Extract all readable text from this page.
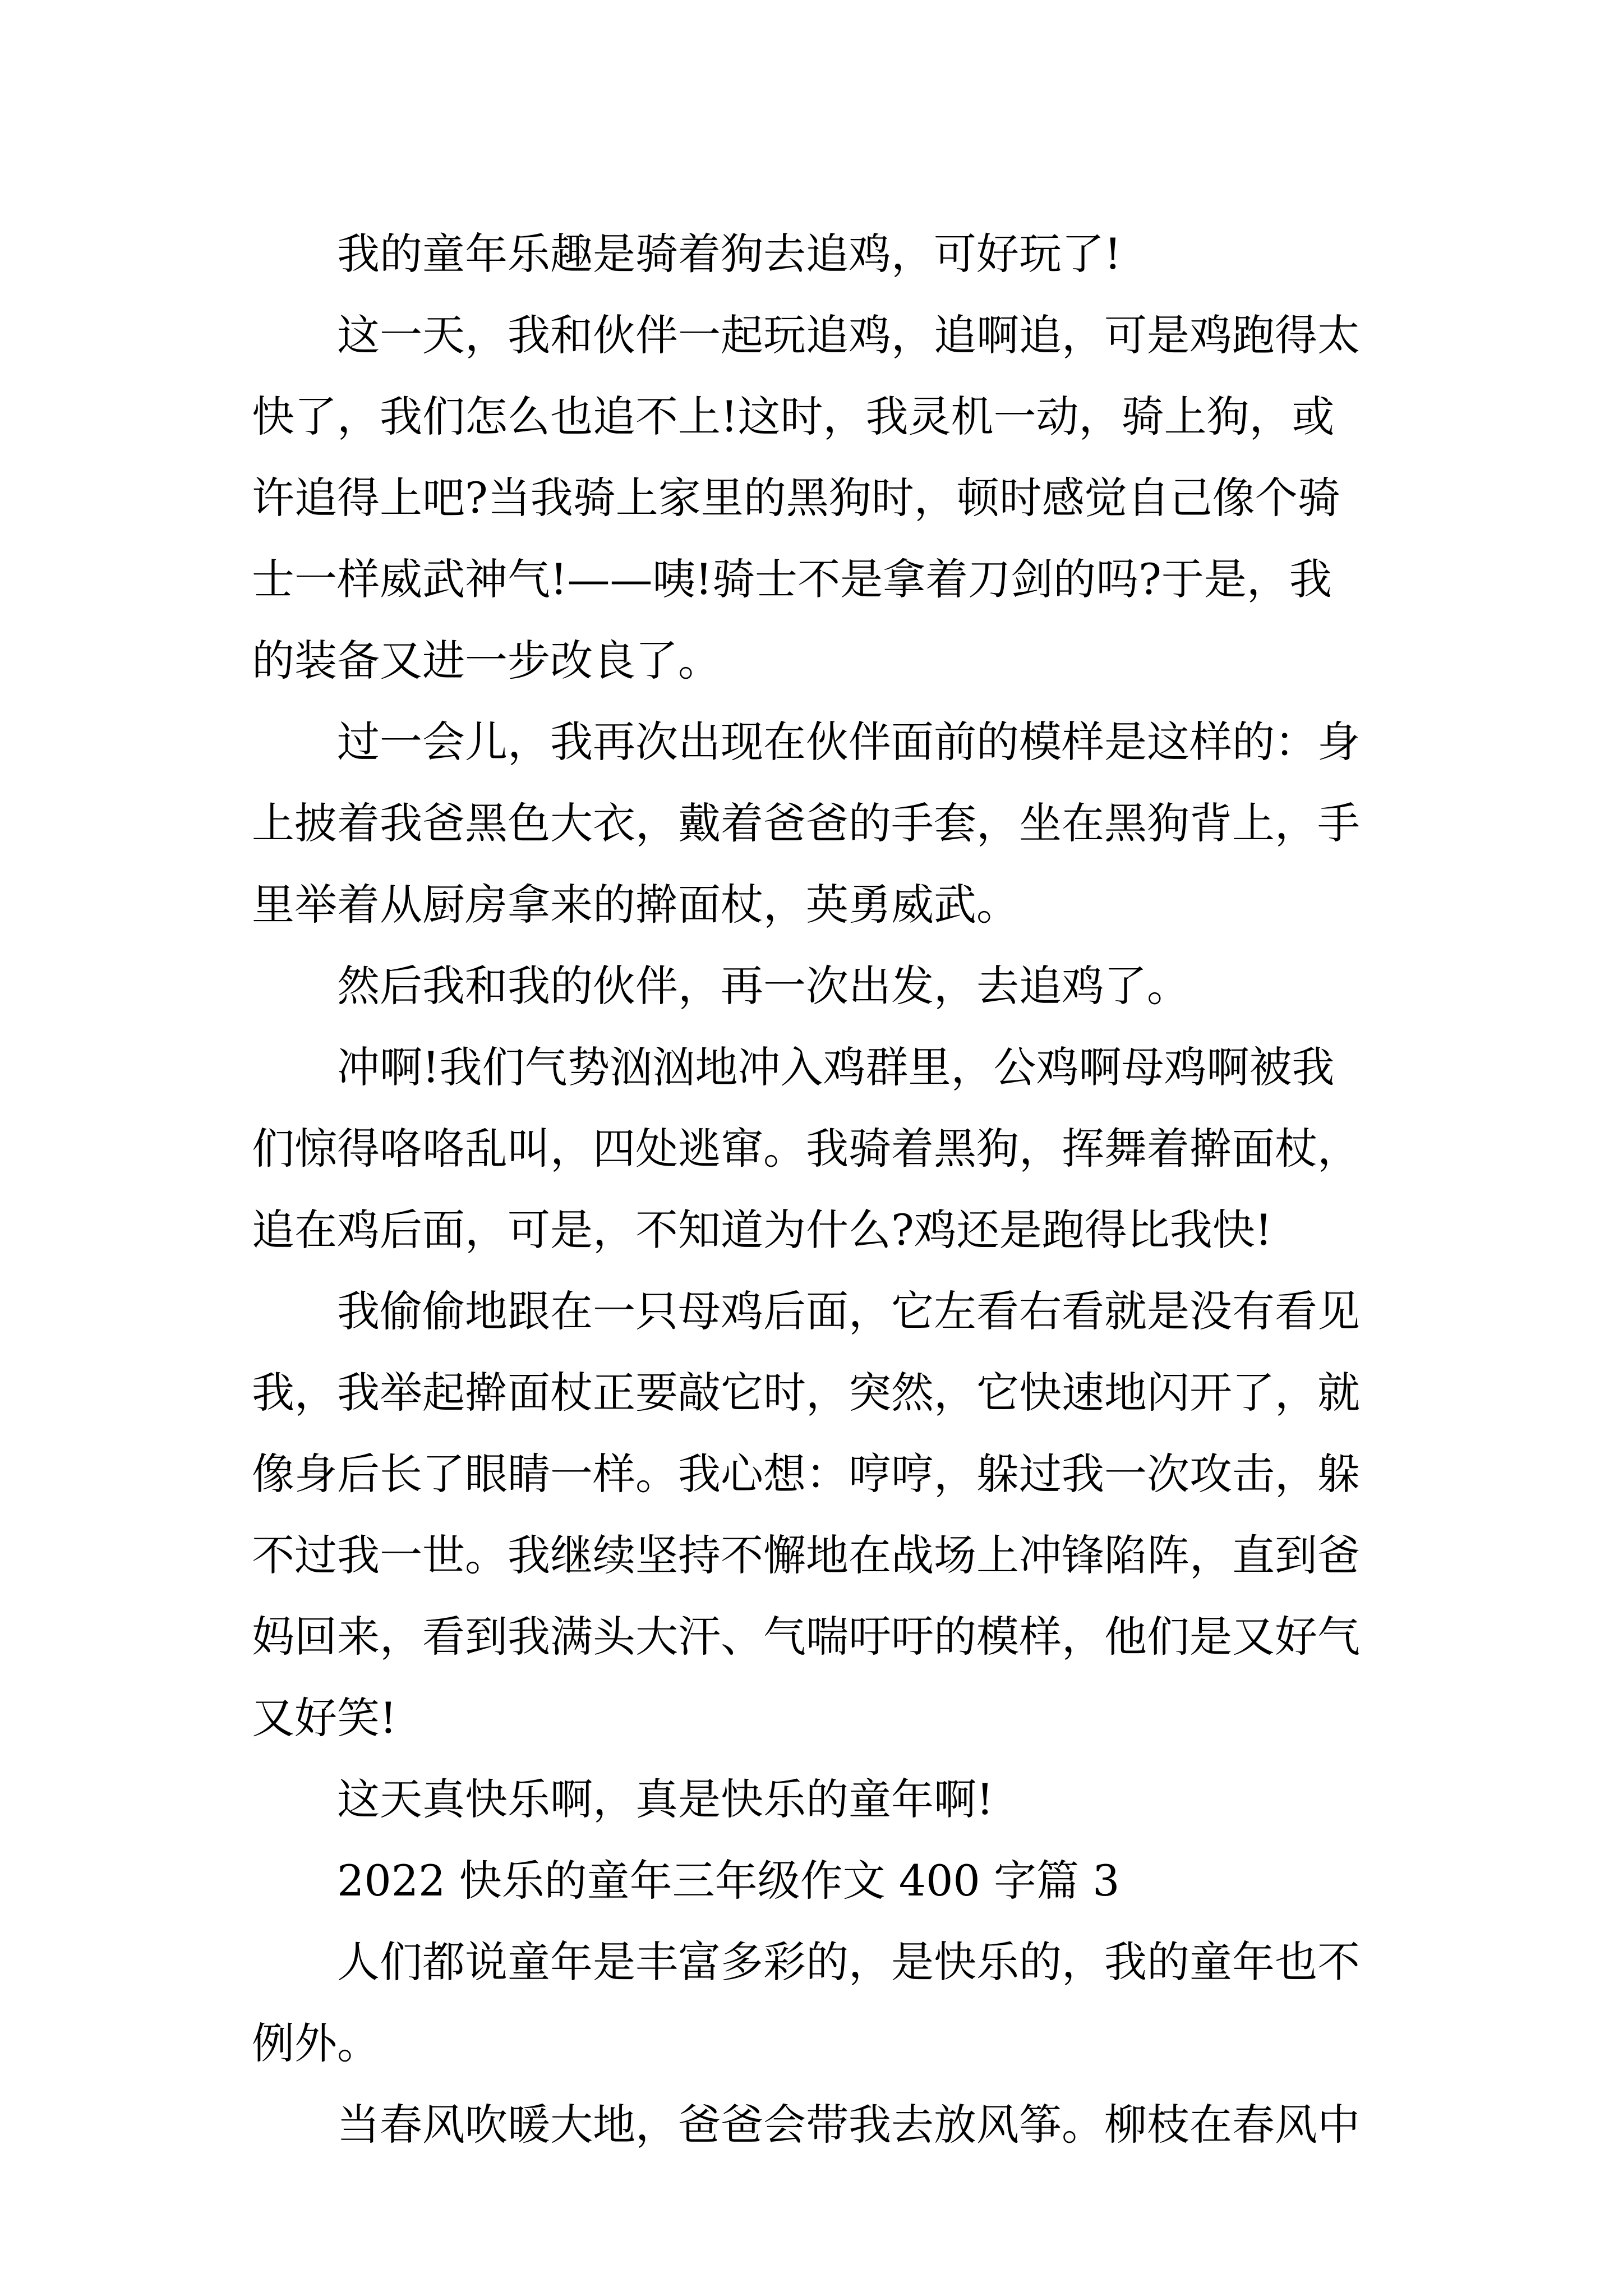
我的童年乐趣是骑着狗去追鸡，可好玩了!
这一天，我和伙伴一起玩追鸡，追啊追，可是鸡跑得太
快了，我们怎么也追不上!这时，我灵机一动，骑上狗，或
许追得上吧?当我骑上家里的黑狗时，顿时感觉自己像个骑
士一样威武神气!——咦!骑士不是拿着刀剑的吗?于是，我
的装备又进一步改良了。
过一会儿，我再次出现在伙伴面前的模样是这样的：身
上披着我爸黑色大衣，戴着爸爸的手套，坐在黑狗背上，手
里举着从厨房拿来的擀面杖，英勇威武。
然后我和我的伙伴，再一次出发，去追鸡了。
冲啊!我们气势汹汹地冲入鸡群里，公鸡啊母鸡啊被我
们惊得咯咯乱叫，四处逃窜。我骑着黑狗，挥舞着擀面杖，
追在鸡后面，可是，不知道为什么?鸡还是跑得比我快!
我偷偷地跟在一只母鸡后面，它左看右看就是没有看见
我，我举起擀面杖正要敲它时，突然，它快速地闪开了，就
像身后长了眼睛一样。我心想：哼哼，躲过我一次攻击，躲
不过我一世。我继续坚持不懈地在战场上冲锋陷阵，直到爸
妈回来，看到我满头大汗、气喘吁吁的模样，他们是又好气
又好笑!
这天真快乐啊，真是快乐的童年啊!
2022 快乐的童年三年级作文 400 字篇 3
人们都说童年是丰富多彩的，是快乐的，我的童年也不
例外。
当春风吹暖大地，爸爸会带我去放风筝。柳枝在春风中
